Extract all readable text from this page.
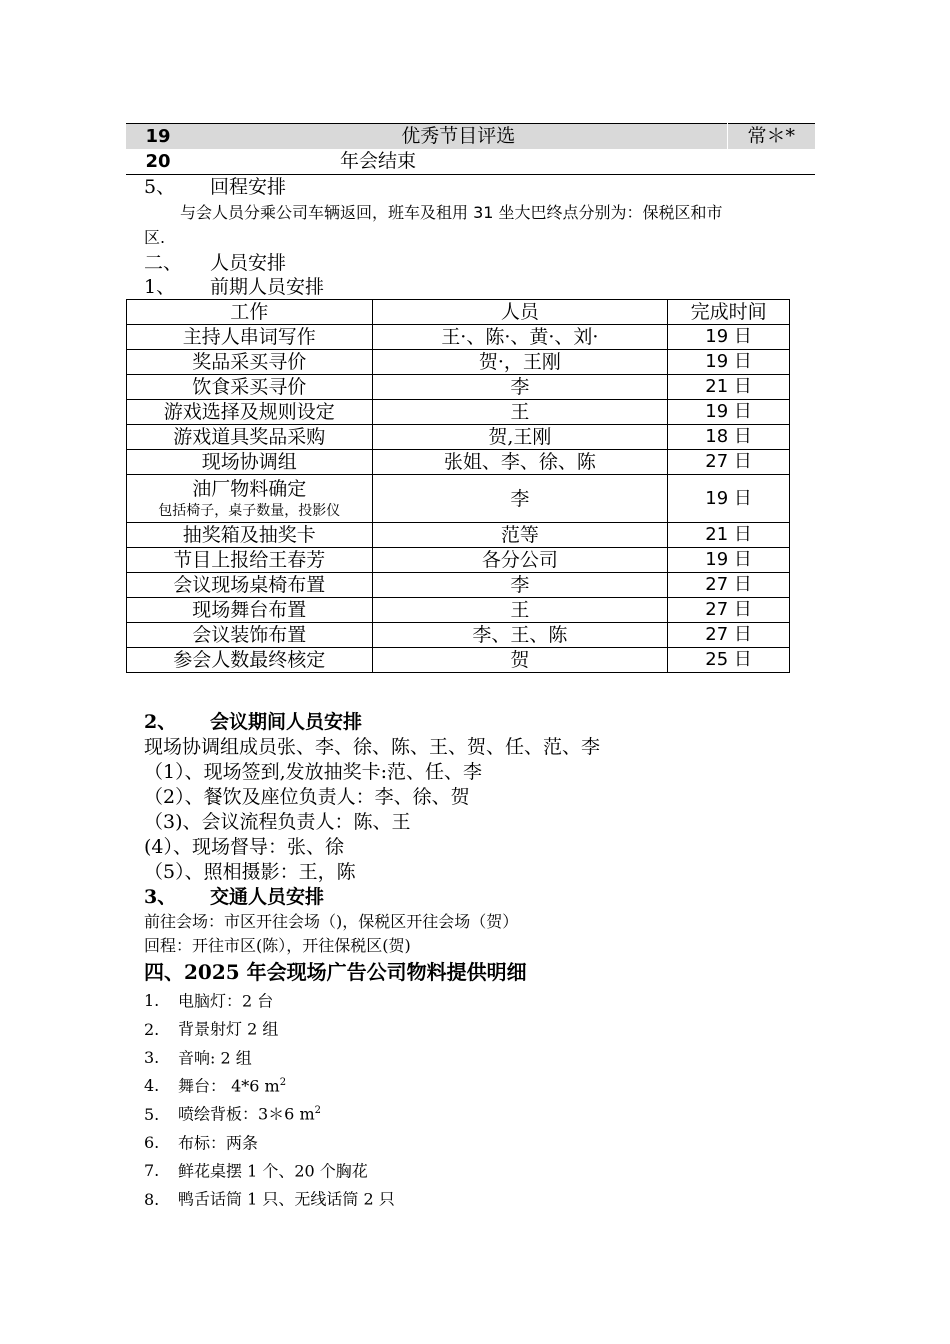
19	优秀节目评选	常＊*
20	年会结束	
5、 回程安排
与会人员分乘公司车辆返回，班车及租用 31 坐大巴终点分别为：保税区和市
区.
二、 人员安排
1、 前期人员安排
工作	人员	完成时间
主持人串词写作	王·、陈·、黄·、刘·	19 日
奖品采买寻价	贺·，王刚	19 日
饮食采买寻价	李	21 日
游戏选择及规则设定	王	19 日
游戏道具奖品采购	贺,王刚	18 日
现场协调组	张姐、李、徐、陈	27 日
油厂物料确定
包括椅子，桌子数量，投影仪	李	19 日
抽奖箱及抽奖卡	范等	21 日
节目上报给王春芳	各分公司	19 日
会议现场桌椅布置	李	27 日
现场舞台布置	王	27 日
会议装饰布置	李、王、陈	27 日
参会人数最终核定	贺	25 日
2、 会议期间人员安排
现场协调组成员张、李、徐、陈、王、贺、任、范、李
（1）、现场签到,发放抽奖卡:范、任、李
（2）、餐饮及座位负责人：李、徐、贺
（3)、会议流程负责人：陈、王
(4）、现场督导：张、徐
（5）、照相摄影：王，陈
3、 交通人员安排
前往会场：市区开往会场（)，保税区开往会场（贺）
回程：开往市区(陈），开往保税区(贺)
四、2025 年会现场广告公司物料提供明细
1. 电脑灯：2 台
2. 背景射灯 2 组
3. 音响: 2 组
4. 舞台： 4*6 $m^2$
5. 喷绘背板：3＊6 $m^2$
6. 布标：两条
7. 鲜花桌摆 1 个、20 个胸花
8. 鸭舌话筒 1 只、无线话筒 2 只
